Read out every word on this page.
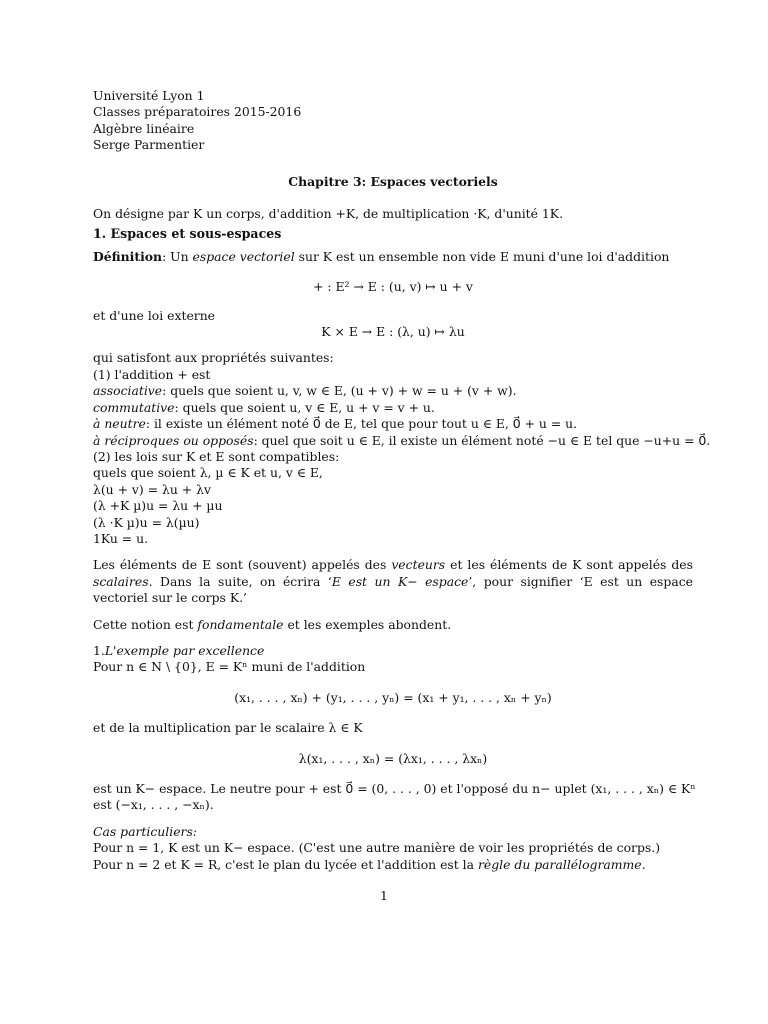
Université Lyon 1
Classes préparatoires 2015-2016
Algèbre linéaire
Serge Parmentier
Chapitre 3: Espaces vectoriels
On désigne par K un corps, d'addition +K, de multiplication ·K, d'unité 1K.
1. Espaces et sous-espaces
Définition: Un espace vectoriel sur K est un ensemble non vide E muni d'une loi d'addition
+ : E² → E : (u, v) ↦ u + v
et d'une loi externe
K × E → E : (λ, u) ↦ λu
qui satisfont aux propriétés suivantes:
(1) l'addition + est
associative: quels que soient u, v, w ∈ E, (u + v) + w = u + (v + w).
commutative: quels que soient u, v ∈ E, u + v = v + u.
à neutre: il existe un élément noté 0⃗ de E, tel que pour tout u ∈ E, 0⃗ + u = u.
à réciproques ou opposés: quel que soit u ∈ E, il existe un élément noté −u ∈ E tel que −u+u = 0⃗.
(2) les lois sur K et E sont compatibles:
quels que soient λ, µ ∈ K et u, v ∈ E,
λ(u + v) = λu + λv
(λ +K µ)u = λu + µu
(λ ·K µ)u = λ(µu)
1Ku = u.
Les éléments de E sont (souvent) appelés des vecteurs et les éléments de K sont appelés des scalaires. Dans la suite, on écrira ‘E est un K− espace’, pour signifier ‘E est un espace vectoriel sur le corps K.’
Cette notion est fondamentale et les exemples abondent.
1.L'exemple par excellence
Pour n ∈ N \ {0}, E = Kⁿ muni de l'addition
(x₁, . . . , xₙ) + (y₁, . . . , yₙ) = (x₁ + y₁, . . . , xₙ + yₙ)
et de la multiplication par le scalaire λ ∈ K
λ(x₁, . . . , xₙ) = (λx₁, . . . , λxₙ)
est un K− espace. Le neutre pour + est 0⃗ = (0, . . . , 0) et l'opposé du n− uplet (x₁, . . . , xₙ) ∈ Kⁿ
est (−x₁, . . . , −xₙ).
Cas particuliers:
Pour n = 1, K est un K− espace. (C'est une autre manière de voir les propriétés de corps.)
Pour n = 2 et K = R, c'est le plan du lycée et l'addition est la règle du parallélogramme.
1
